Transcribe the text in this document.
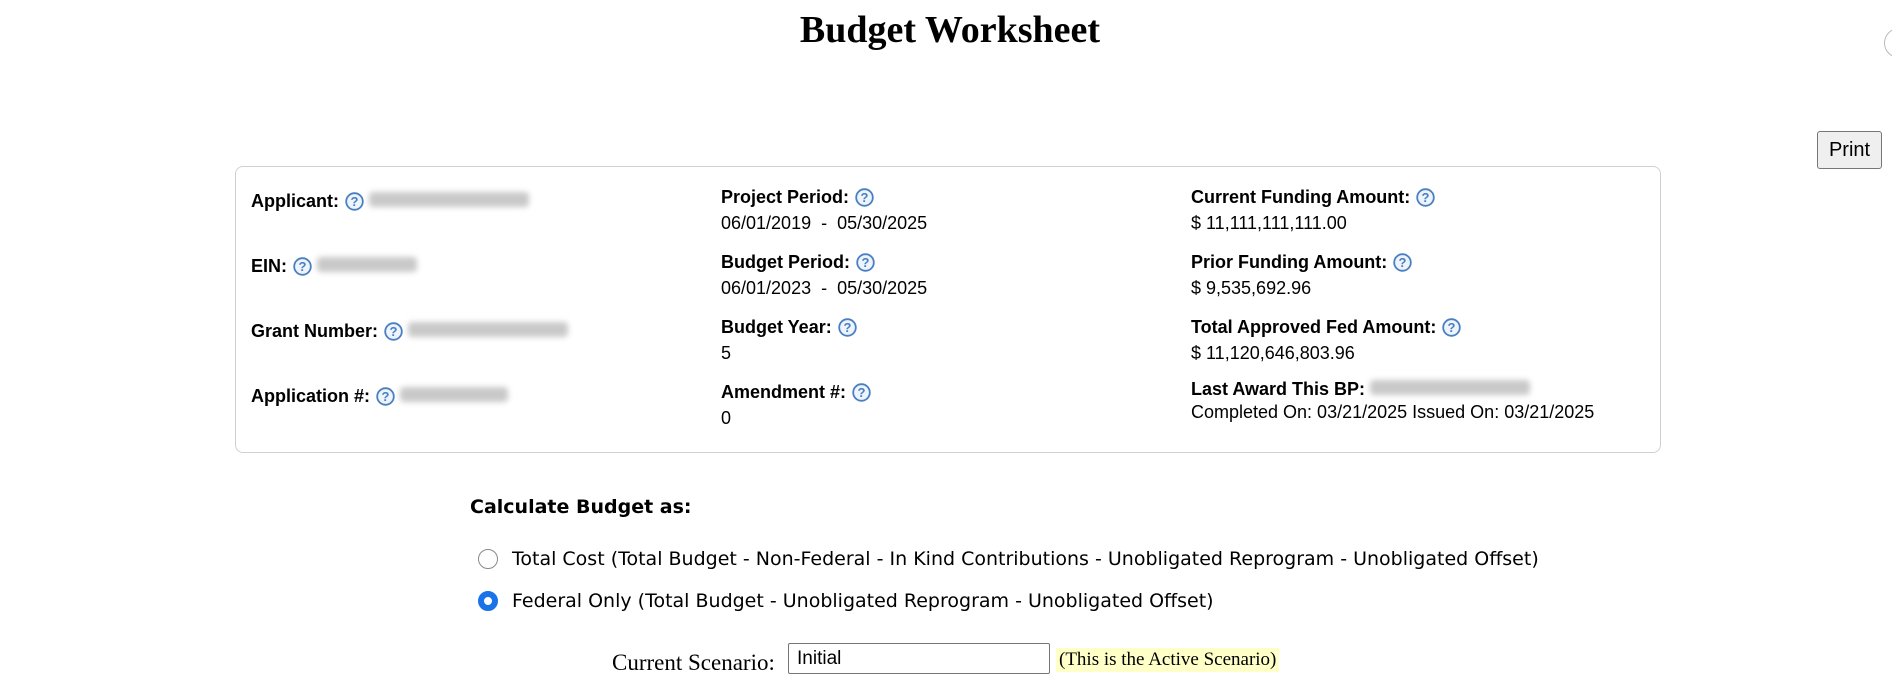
Budget Worksheet
Print
Applicant: ?

EIN: ?

Grant Number: ?

Application #: ?

Project Period: ?
06/01/2019  -  05/30/2025
Budget Period: ?
06/01/2023  -  05/30/2025
Budget Year: ?
5
Amendment #: ?
0
Current Funding Amount: ?
$ 11,111,111,111.00
Prior Funding Amount: ?
$ 9,535,692.96
Total Approved Fed Amount: ?
$ 11,120,646,803.96
Last Award This BP:

Completed On: 03/21/2025 Issued On: 03/21/2025
Calculate Budget as:
Total Cost (Total Budget - Non-Federal - In Kind Contributions - Unobligated Reprogram - Unobligated Offset)
Federal Only (Total Budget - Unobligated Reprogram - Unobligated Offset)
Current Scenario:
Initial	(This is the Active Scenario)
